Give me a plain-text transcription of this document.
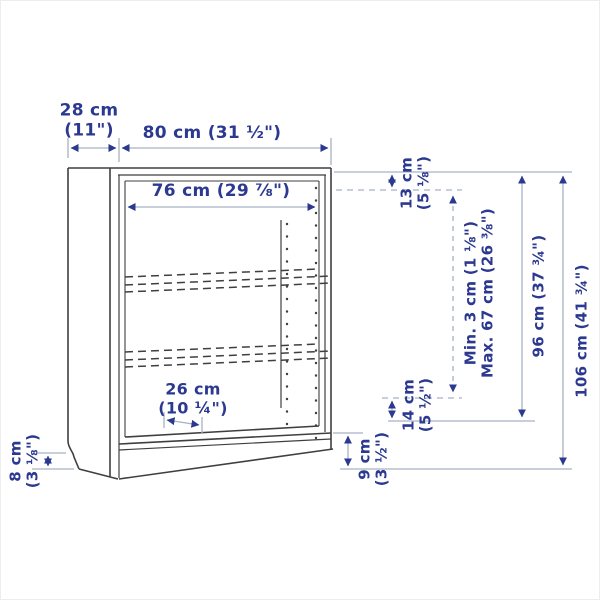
28 cm
(11") 80 cm (31 ½")
76 cm (29 ⅞")	13 cm (5 ⅛")
Min. 3 cm (1 ⅛") Max. 67 cm (26 ⅜") 96 cm (37 ¾") 106 cm (41 ¾")
14 cm (5 ½")
9 cm (3 ½")
26 cm
(10 ¼")
8 cm (3 ⅛")
